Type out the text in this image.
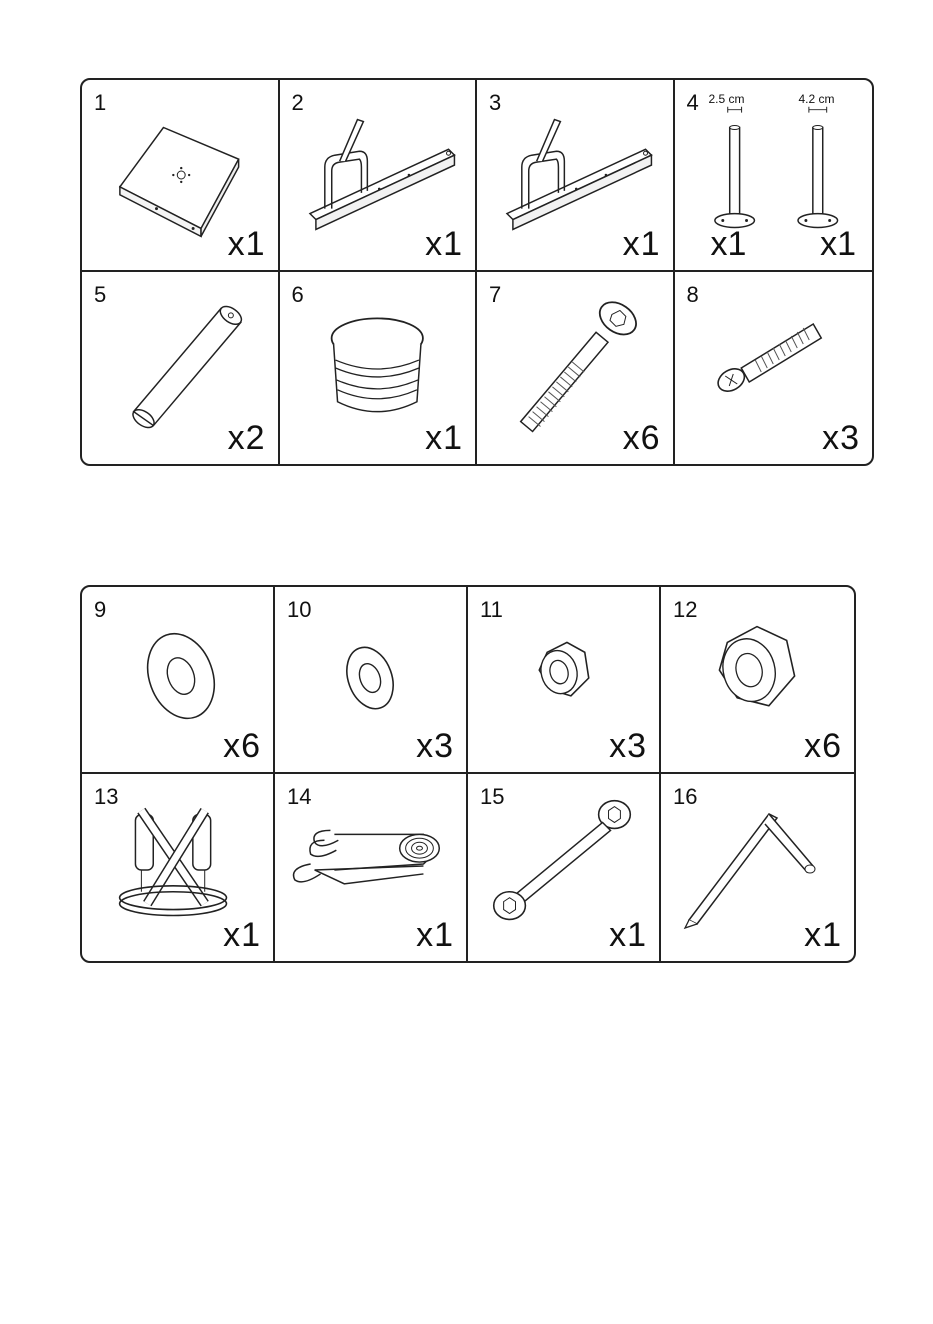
1
x1
2
x1
3
x1
4 2.5 cm	4.2 cm
x1 x1
5
x2
6
x1
7
x6
8
x3
9
x6
10
x3
11
x3
12
x6
13
x1
14
x1
15
x1
16
x1
